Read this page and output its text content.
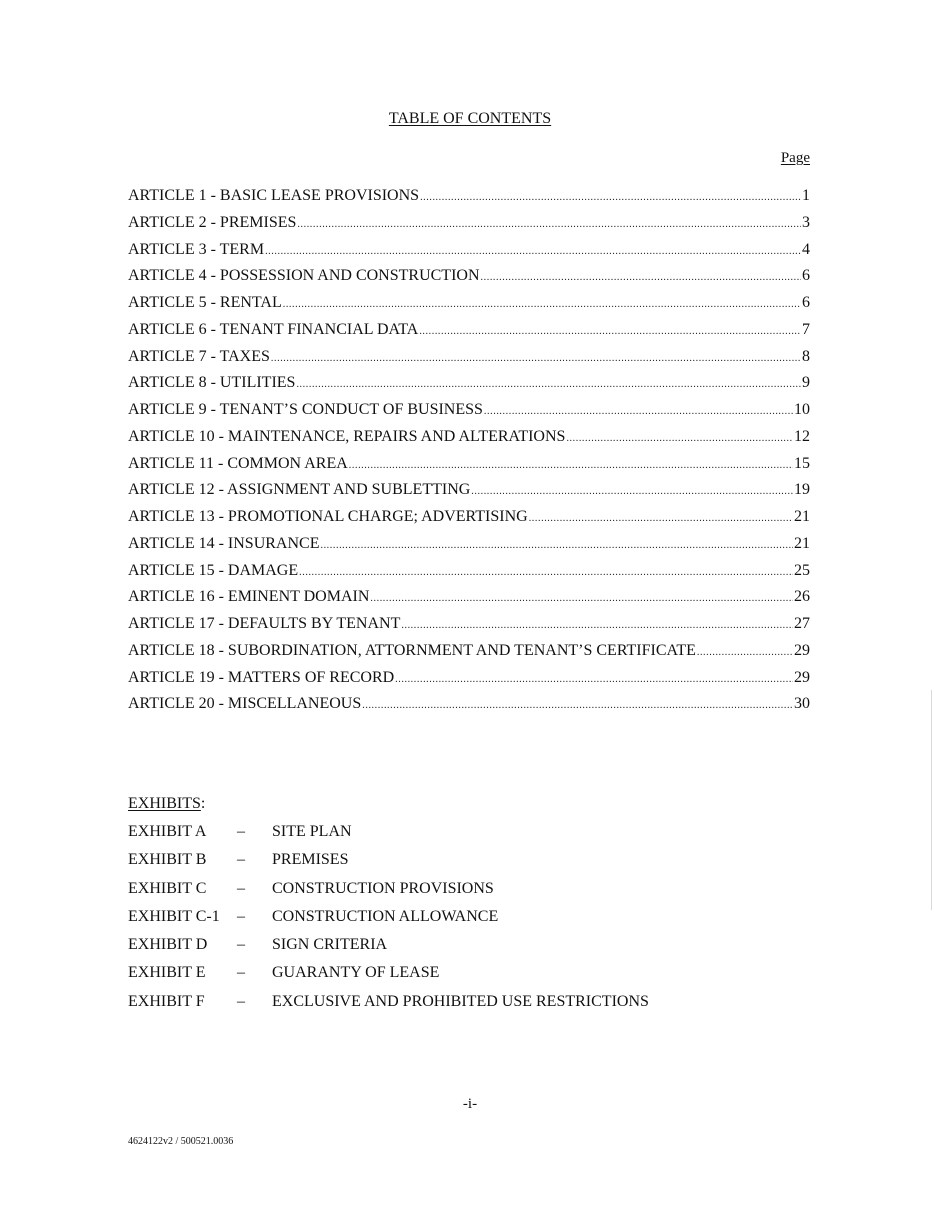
TABLE OF CONTENTS
Page
ARTICLE 1 - BASIC LEASE PROVISIONS .....	1
ARTICLE 2 - PREMISES .....	3
ARTICLE 3 - TERM .....	4
ARTICLE 4 - POSSESSION AND CONSTRUCTION .....	6
ARTICLE 5 - RENTAL .....	6
ARTICLE 6 - TENANT FINANCIAL DATA .....	7
ARTICLE 7 - TAXES .....	8
ARTICLE 8 - UTILITIES .....	9
ARTICLE 9 - TENANT’S CONDUCT OF BUSINESS .....	10
ARTICLE 10 - MAINTENANCE, REPAIRS AND ALTERATIONS .....	12
ARTICLE 11 - COMMON AREA .....	15
ARTICLE 12 - ASSIGNMENT AND SUBLETTING .....	19
ARTICLE 13 - PROMOTIONAL CHARGE; ADVERTISING .....	21
ARTICLE 14 - INSURANCE .....	21
ARTICLE 15 - DAMAGE .....	25
ARTICLE 16 - EMINENT DOMAIN .....	26
ARTICLE 17 - DEFAULTS BY TENANT .....	27
ARTICLE 18 - SUBORDINATION, ATTORNMENT AND TENANT’S CERTIFICATE .....	29
ARTICLE 19 - MATTERS OF RECORD .....	29
ARTICLE 20 - MISCELLANEOUS .....	30
EXHIBITS:
EXHIBIT A – SITE PLAN
EXHIBIT B – PREMISES
EXHIBIT C – CONSTRUCTION PROVISIONS
EXHIBIT C-1 – CONSTRUCTION ALLOWANCE
EXHIBIT D – SIGN CRITERIA
EXHIBIT E – GUARANTY OF LEASE
EXHIBIT F – EXCLUSIVE AND PROHIBITED USE RESTRICTIONS
-i-
4624122v2 / 500521.0036
